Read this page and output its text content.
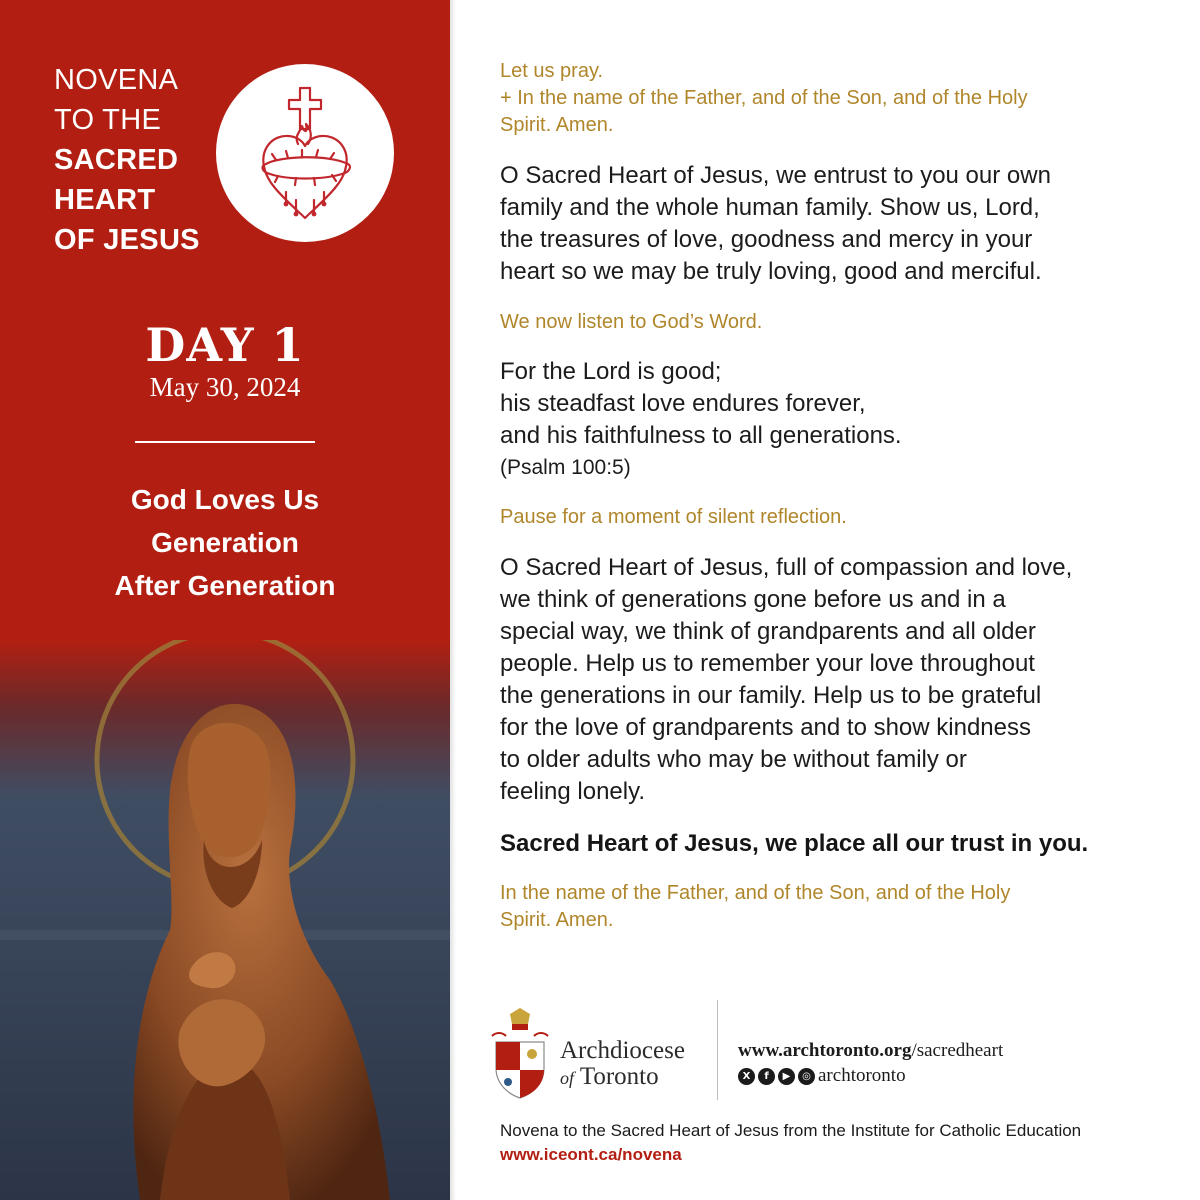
NOVENA
TO THE
SACRED
HEART
OF JESUS
DAY 1
May 30, 2024
God Loves Us
Generation
After Generation
Let us pray.
+ In the name of the Father, and of the Son, and of the Holy
Spirit. Amen.
O Sacred Heart of Jesus, we entrust to you our own
family and the whole human family. Show us, Lord,
the treasures of love, goodness and mercy in your
heart so we may be truly loving, good and merciful.
We now listen to God’s Word.
For the Lord is good;
his steadfast love endures forever,
and his faithfulness to all generations.
(Psalm 100:5)
Pause for a moment of silent reflection.
O Sacred Heart of Jesus, full of compassion and love,
we think of generations gone before us and in a
special way, we think of grandparents and all older
people. Help us to remember your love throughout
the generations in our family. Help us to be grateful
for the love of grandparents and to show kindness
to older adults who may be without family or
feeling lonely.
Sacred Heart of Jesus, we place all our trust in you.
In the name of the Father, and of the Son, and of the Holy
Spirit. Amen.
Archdiocese
of Toronto
www.archtoronto.org/sacredheart
X	f	▶	◎ archtoronto
Novena to the Sacred Heart of Jesus from the Institute for Catholic Education
www.iceont.ca/novena
